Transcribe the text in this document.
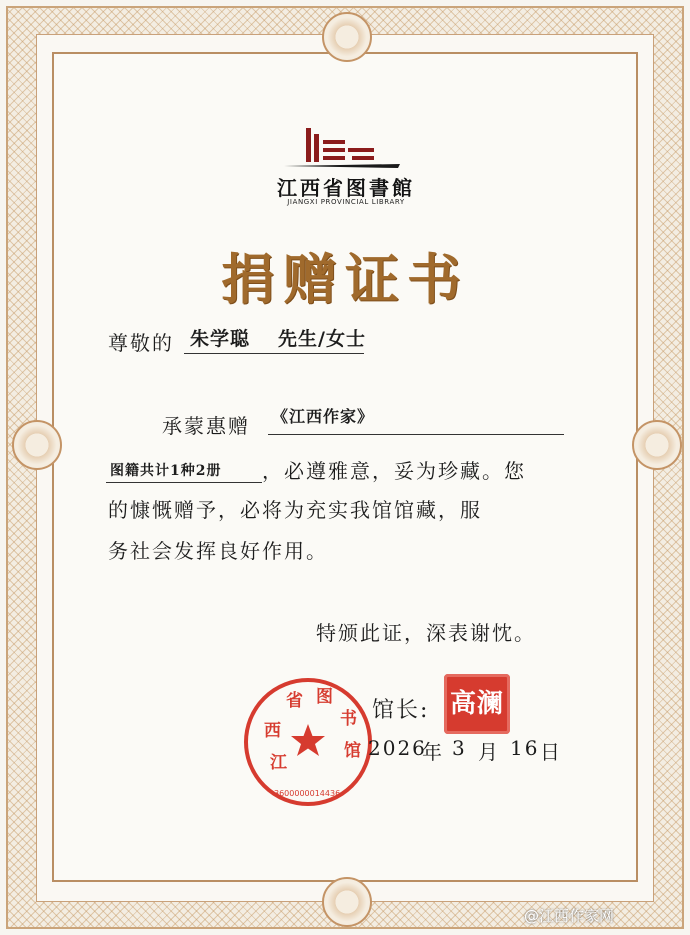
江西省图書館
JIANGXI PROVINCIAL LIBRARY
捐赠证书
尊敬的 朱学聪 先生/女士
承蒙惠赠 《江西作家》
图籍共计1种2册 ，必遵雅意，妥为珍藏。您
的慷慨赠予，必将为充实我馆馆藏，服
务社会发挥良好作用。
特颁此证，深表谢忱。
江
西
省 图
书
馆
3600000014436
馆长: 高澜
2026
年 3 月 16 日
@江西作家网
